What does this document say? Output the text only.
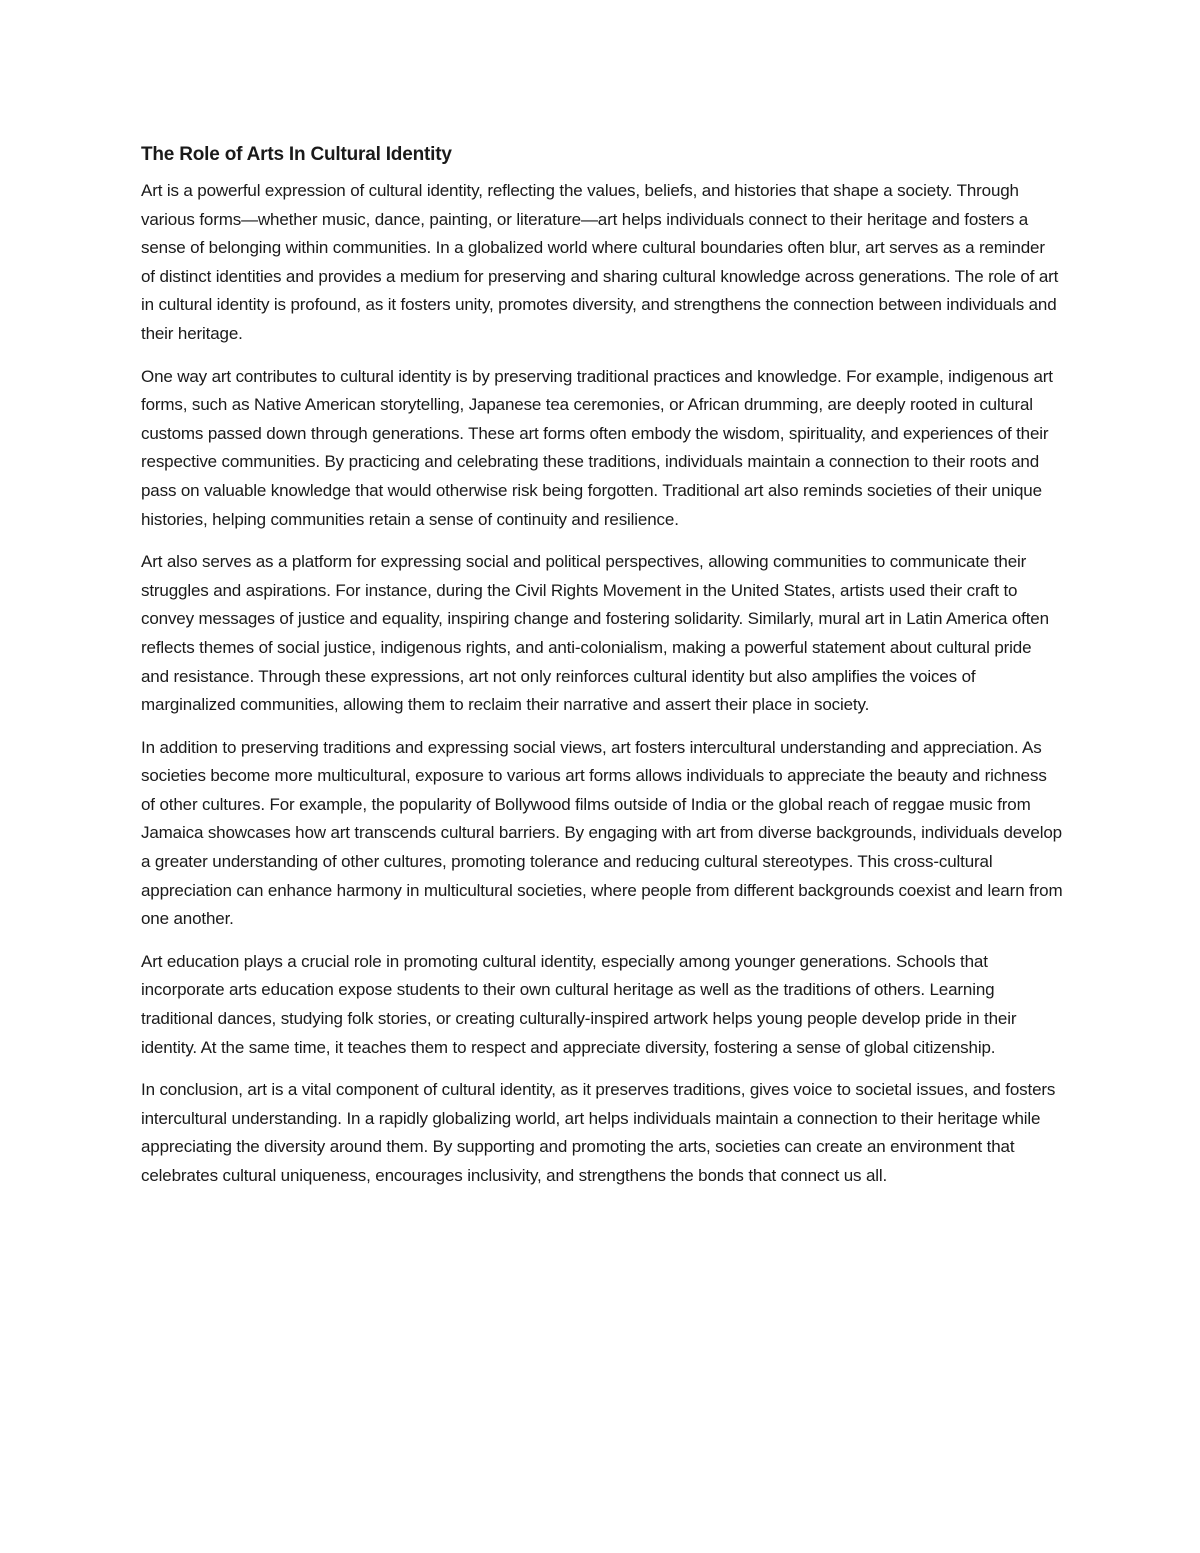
The Role of Arts In Cultural Identity

Art is a powerful expression of cultural identity, reflecting the values, beliefs, and histories that shape a society. Through various forms—whether music, dance, painting, or literature—art helps individuals connect to their heritage and fosters a sense of belonging within communities. In a globalized world where cultural boundaries often blur, art serves as a reminder of distinct identities and provides a medium for preserving and sharing cultural knowledge across generations. The role of art in cultural identity is profound, as it fosters unity, promotes diversity, and strengthens the connection between individuals and their heritage.

One way art contributes to cultural identity is by preserving traditional practices and knowledge. For example, indigenous art forms, such as Native American storytelling, Japanese tea ceremonies, or African drumming, are deeply rooted in cultural customs passed down through generations. These art forms often embody the wisdom, spirituality, and experiences of their respective communities. By practicing and celebrating these traditions, individuals maintain a connection to their roots and pass on valuable knowledge that would otherwise risk being forgotten. Traditional art also reminds societies of their unique histories, helping communities retain a sense of continuity and resilience.

Art also serves as a platform for expressing social and political perspectives, allowing communities to communicate their struggles and aspirations. For instance, during the Civil Rights Movement in the United States, artists used their craft to convey messages of justice and equality, inspiring change and fostering solidarity. Similarly, mural art in Latin America often reflects themes of social justice, indigenous rights, and anti-colonialism, making a powerful statement about cultural pride and resistance. Through these expressions, art not only reinforces cultural identity but also amplifies the voices of marginalized communities, allowing them to reclaim their narrative and assert their place in society.

In addition to preserving traditions and expressing social views, art fosters intercultural understanding and appreciation. As societies become more multicultural, exposure to various art forms allows individuals to appreciate the beauty and richness of other cultures. For example, the popularity of Bollywood films outside of India or the global reach of reggae music from Jamaica showcases how art transcends cultural barriers. By engaging with art from diverse backgrounds, individuals develop a greater understanding of other cultures, promoting tolerance and reducing cultural stereotypes. This cross-cultural appreciation can enhance harmony in multicultural societies, where people from different backgrounds coexist and learn from one another.

Art education plays a crucial role in promoting cultural identity, especially among younger generations. Schools that incorporate arts education expose students to their own cultural heritage as well as the traditions of others. Learning traditional dances, studying folk stories, or creating culturally-inspired artwork helps young people develop pride in their identity. At the same time, it teaches them to respect and appreciate diversity, fostering a sense of global citizenship.

In conclusion, art is a vital component of cultural identity, as it preserves traditions, gives voice to societal issues, and fosters intercultural understanding. In a rapidly globalizing world, art helps individuals maintain a connection to their heritage while appreciating the diversity around them. By supporting and promoting the arts, societies can create an environment that celebrates cultural uniqueness, encourages inclusivity, and strengthens the bonds that connect us all.
